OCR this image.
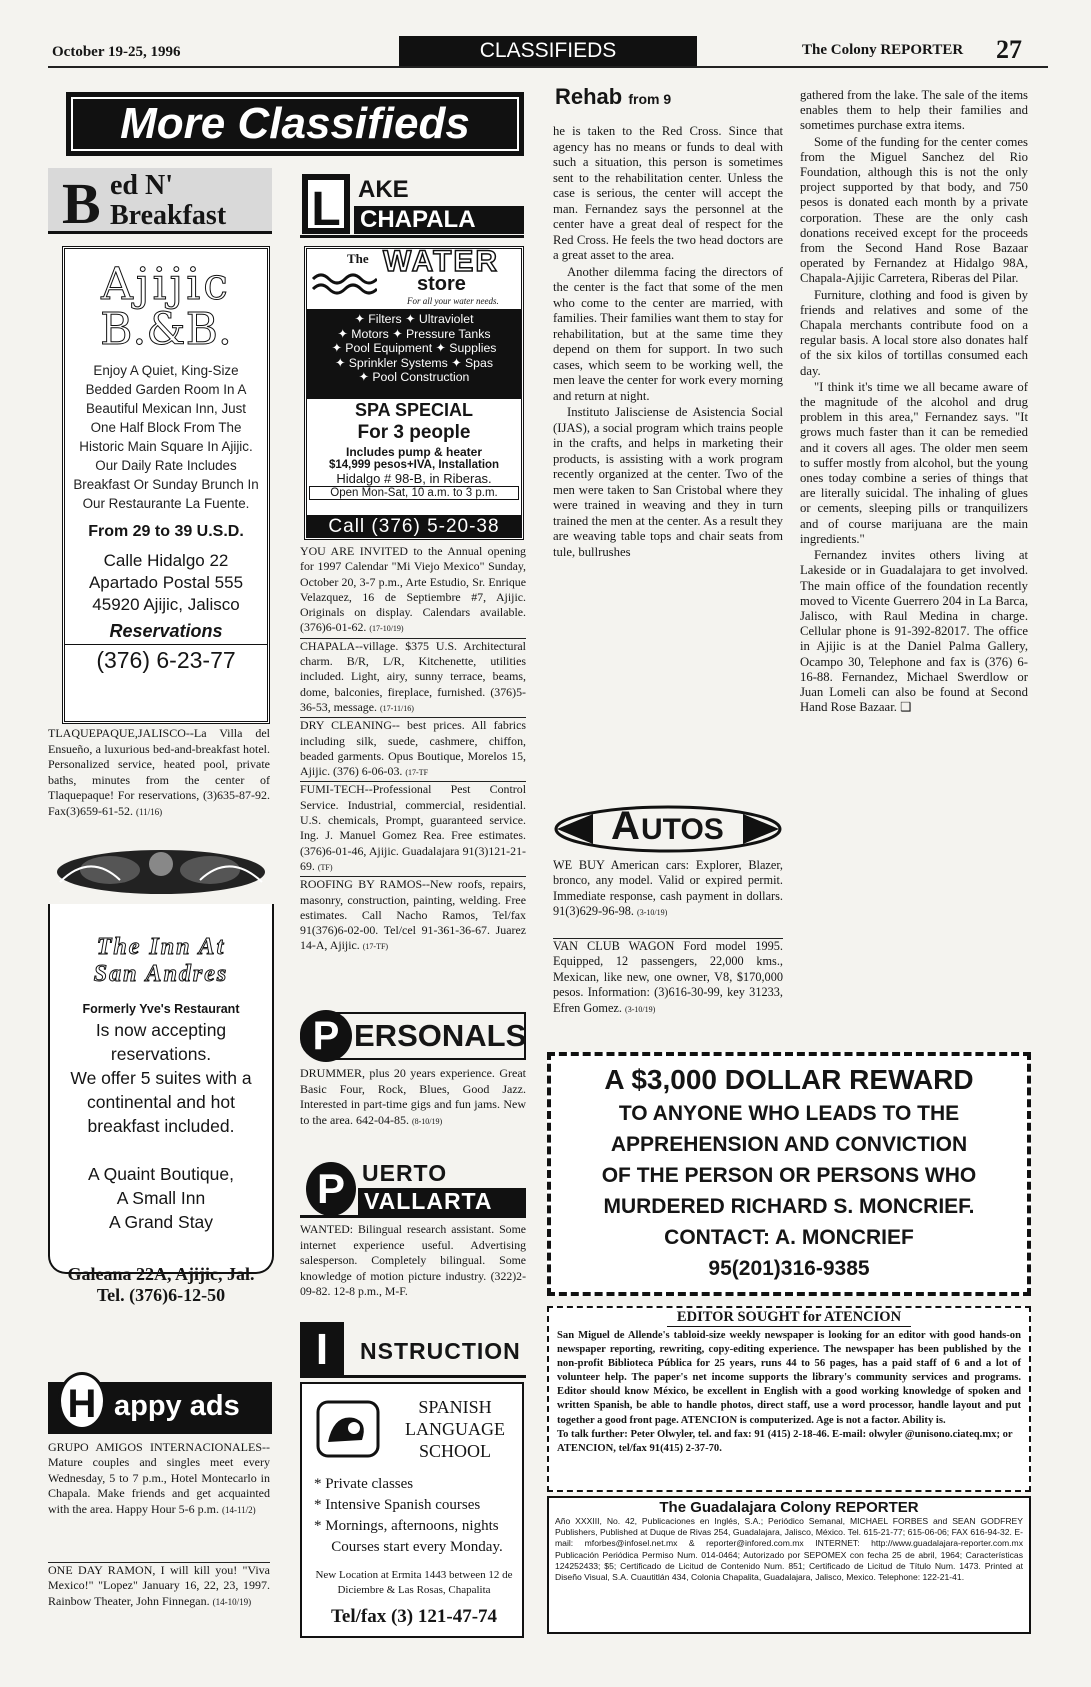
October 19-25, 1996	CLASSIFIEDS	The Colony REPORTER 27
More Classifieds
B ed N'
Breakfast
Ajijic
B.&B.
Enjoy A Quiet, King-Size Bedded Garden Room In A Beautiful Mexican Inn, Just One Half Block From The Historic Main Square In Ajijic. Our Daily Rate Includes Breakfast Or Sunday Brunch In Our Restaurante La Fuente.
From 29 to 39 U.S.D.
Calle Hidalgo 22
Apartado Postal 555
45920 Ajijic, Jalisco
Reservations
(376) 6-23-77
TLAQUEPAQUE,JALISCO--La Villa del Ensueño, a luxurious bed-and-breakfast hotel. Personalized service, heated pool, private baths, minutes from the center of Tlaquepaque! For reservations, (3)635-87-92. Fax(3)659-61-52. (11/16)
The Inn At
San Andres
Formerly Yve's Restaurant
Is now accepting reservations.
We offer 5 suites with a continental and hot breakfast included.
A Quaint Boutique,
A Small Inn
A Grand Stay
Galeana 22A, Ajijic, Jal.
Tel. (376)6-12-50
H appy ads
GRUPO AMIGOS INTERNACIONALES--Mature couples and singles meet every Wednesday, 5 to 7 p.m., Hotel Montecarlo in Chapala. Make friends and get acquainted with the area. Happy Hour 5-6 p.m. (14-11/2)
ONE DAY RAMON, I will kill you! "Viva Mexico!" "Lopez" January 16, 22, 23, 1997. Rainbow Theater, John Finnegan. (14-10/19)
L AKE
CHAPALA
The WATER
store
For all your water needs.
✦ Filters ✦ Ultraviolet
✦ Motors ✦ Pressure Tanks
✦ Pool Equipment ✦ Supplies
✦ Sprinkler Systems ✦ Spas
✦ Pool Construction
SPA SPECIAL
For 3 people
Includes pump & heater
$14,999 pesos+IVA, Installation
Hidalgo # 98-B, in Riberas.
Open Mon-Sat, 10 a.m. to 3 p.m.
Call (376) 5-20-38

YOU ARE INVITED to the Annual opening for 1997 Calendar "Mi Viejo Mexico" Sunday, October 20, 3-7 p.m., Arte Estudio, Sr. Enrique Velazquez, 16 de Septiembre #7, Ajijic. Originals on display. Calendars available. (376)6-01-62. (17-10/19)

CHAPALA--village. $375 U.S. Architectural charm. B/R, L/R, Kitchenette, utilities included. Light, airy, sunny terrace, beams, dome, balconies, fireplace, furnished. (376)5-36-53, message. (17-11/16)

DRY CLEANING-- best prices. All fabrics including silk, suede, cashmere, chiffon, beaded garments. Opus Boutique, Morelos 15, Ajijic. (376) 6-06-03. (17-TF

FUMI-TECH--Professional Pest Control Service. Industrial, commercial, residential. U.S. chemicals, Prompt, guaranteed service. Ing. J. Manuel Gomez Rea. Free estimates. (376)6-01-46, Ajijic. Guadalajara 91(3)121-21-69. (TF)

ROOFING BY RAMOS--New roofs, repairs, masonry, construction, painting, welding. Free estimates. Call Nacho Ramos, Tel/fax 91(376)6-02-00. Tel/cel 91-361-36-67. Juarez 14-A, Ajijic. (17-TF)

P ERSONALS
DRUMMER, plus 20 years experience. Great Basic Four, Rock, Blues, Good Jazz. Interested in part-time gigs and fun jams. New to the area. 642-04-85. (8-10/19)
P UERTO
VALLARTA
WANTED: Bilingual research assistant. Some internet experience useful. Advertising salesperson. Completely bilingual. Some knowledge of motion picture industry. (322)2-09-82. 12-8 p.m., M-F.
I	NSTRUCTION
SPANISH
LANGUAGE
SCHOOL
* Private classes
* Intensive Spanish courses
* Mornings, afternoons, nights
Courses start every Monday.
New Location at Ermita 1443 between 12 de Diciembre & Las Rosas, Chapalita
Tel/fax (3) 121-47-74
Rehab from 9

he is taken to the Red Cross. Since that agency has no means or funds to deal with such a situation, this person is sometimes sent to the rehabilitation center. Unless the case is serious, the center will accept the man. Fernandez says the personnel at the center have a great deal of respect for the Red Cross. He feels the two head doctors are a great asset to the area.

Another dilemma facing the directors of the center is the fact that some of the men who come to the center are married, with families. Their families want them to stay for rehabilitation, but at the same time they depend on them for support. In two such cases, which seem to be working well, the men leave the center for work every morning and return at night.

Instituto Jalisciense de Asistencia Social (IJAS), a social program which trains people in the crafts, and helps in marketing their products, is assisting with a work program recently organized at the center. Two of the men were taken to San Cristobal where they were trained in weaving and they in turn trained the men at the center. As a result they are weaving table tops and chair seats from tule, bullrushes

gathered from the lake. The sale of the items enables them to help their families and sometimes purchase extra items.

Some of the funding for the center comes from the Miguel Sanchez del Rio Foundation, although this is not the only project supported by that body, and 750 pesos is donated each month by a private corporation. These are the only cash donations received except for the proceeds from the Second Hand Rose Bazaar operated by Fernandez at Hidalgo 98A, Chapala-Ajijic Carretera, Riberas del Pilar.

Furniture, clothing and food is given by friends and relatives and some of the Chapala merchants contribute food on a regular basis. A local store also donates half of the six kilos of tortillas consumed each day.

"I think it's time we all became aware of the magnitude of the alcohol and drug problem in this area," Fernandez says. "It grows much faster than it can be remedied and it covers all ages. The older men seem to suffer mostly from alcohol, but the young ones today combine a series of things that are literally suicidal. The inhaling of glues or cements, sleeping pills or tranquilizers and of course marijuana are the main ingredients."

Fernandez invites others living at Lakeside or in Guadalajara to get involved. The main office of the foundation recently moved to Vicente Guerrero 204 in La Barca, Jalisco, with Raul Medina in charge. Cellular phone is 91-392-82017. The office in Ajijic is at the Daniel Palma Gallery, Ocampo 30, Telephone and fax is (376) 6-16-88. Fernandez, Michael Swerdlow or Juan Lomeli can also be found at Second Hand Rose Bazaar. ❑

A UTOS
WE BUY American cars: Explorer, Blazer, bronco, any model. Valid or expired permit. Immediate response, cash payment in dollars. 91(3)629-96-98. (3-10/19)
VAN CLUB WAGON Ford model 1995. Equipped, 12 passengers, 22,000 kms., Mexican, like new, one owner, V8, $170,000 pesos. Information: (3)616-30-99, key 31233, Efren Gomez. (3-10/19)
A $3,000 DOLLAR REWARD
TO ANYONE WHO LEADS TO THE
APPREHENSION AND CONVICTION
OF THE PERSON OR PERSONS WHO
MURDERED RICHARD S. MONCRIEF.
CONTACT: A. MONCRIEF
95(201)316-9385
EDITOR SOUGHT for ATENCION
San Miguel de Allende's tabloid-size weekly newspaper is looking for an editor with good hands-on newspaper reporting, rewriting, copy-editing experience. The newspaper has been published by the non-profit Biblioteca Pública for 25 years, runs 44 to 56 pages, has a paid staff of 6 and a lot of volunteer help. The paper's net income supports the library's community services and programs. Editor should know México, be excellent in English with a good working knowledge of spoken and written Spanish, be able to handle photos, direct staff, use a word processor, handle layout and put together a good front page. ATENCION is computerized. Age is not a factor. Ability is.
To talk further: Peter Olwyler, tel. and fax: 91 (415) 2-18-46. E-mail: olwyler @unisono.ciateq.mx; or ATENCION, tel/fax 91(415) 2-37-70.
The Guadalajara Colony REPORTER
Año XXXIII, No. 42, Publicaciones en Inglés, S.A.; Periódico Semanal, MICHAEL FORBES and SEAN GODFREY Publishers, Published at Duque de Rivas 254, Guadalajara, Jalisco, México. Tel. 615-21-77; 615-06-06; FAX 616-94-32. E-mail: mforbes@infosel.net.mx & reporter@infored.com.mx INTERNET: http://www.guadalajara-reporter.com.mx Publicación Periódica Permiso Num. 014-0464; Autorizado por SEPOMEX con fecha 25 de abril, 1964; Características 124252433; $5; Certificado de Licitud de Contenido Num. 851; Certificado de Licitud de Título Num. 1473. Printed at Diseño Visual, S.A. Cuautitlán 434, Colonia Chapalita, Guadalajara, Jalisco, Mexico. Telephone: 122-21-41.
